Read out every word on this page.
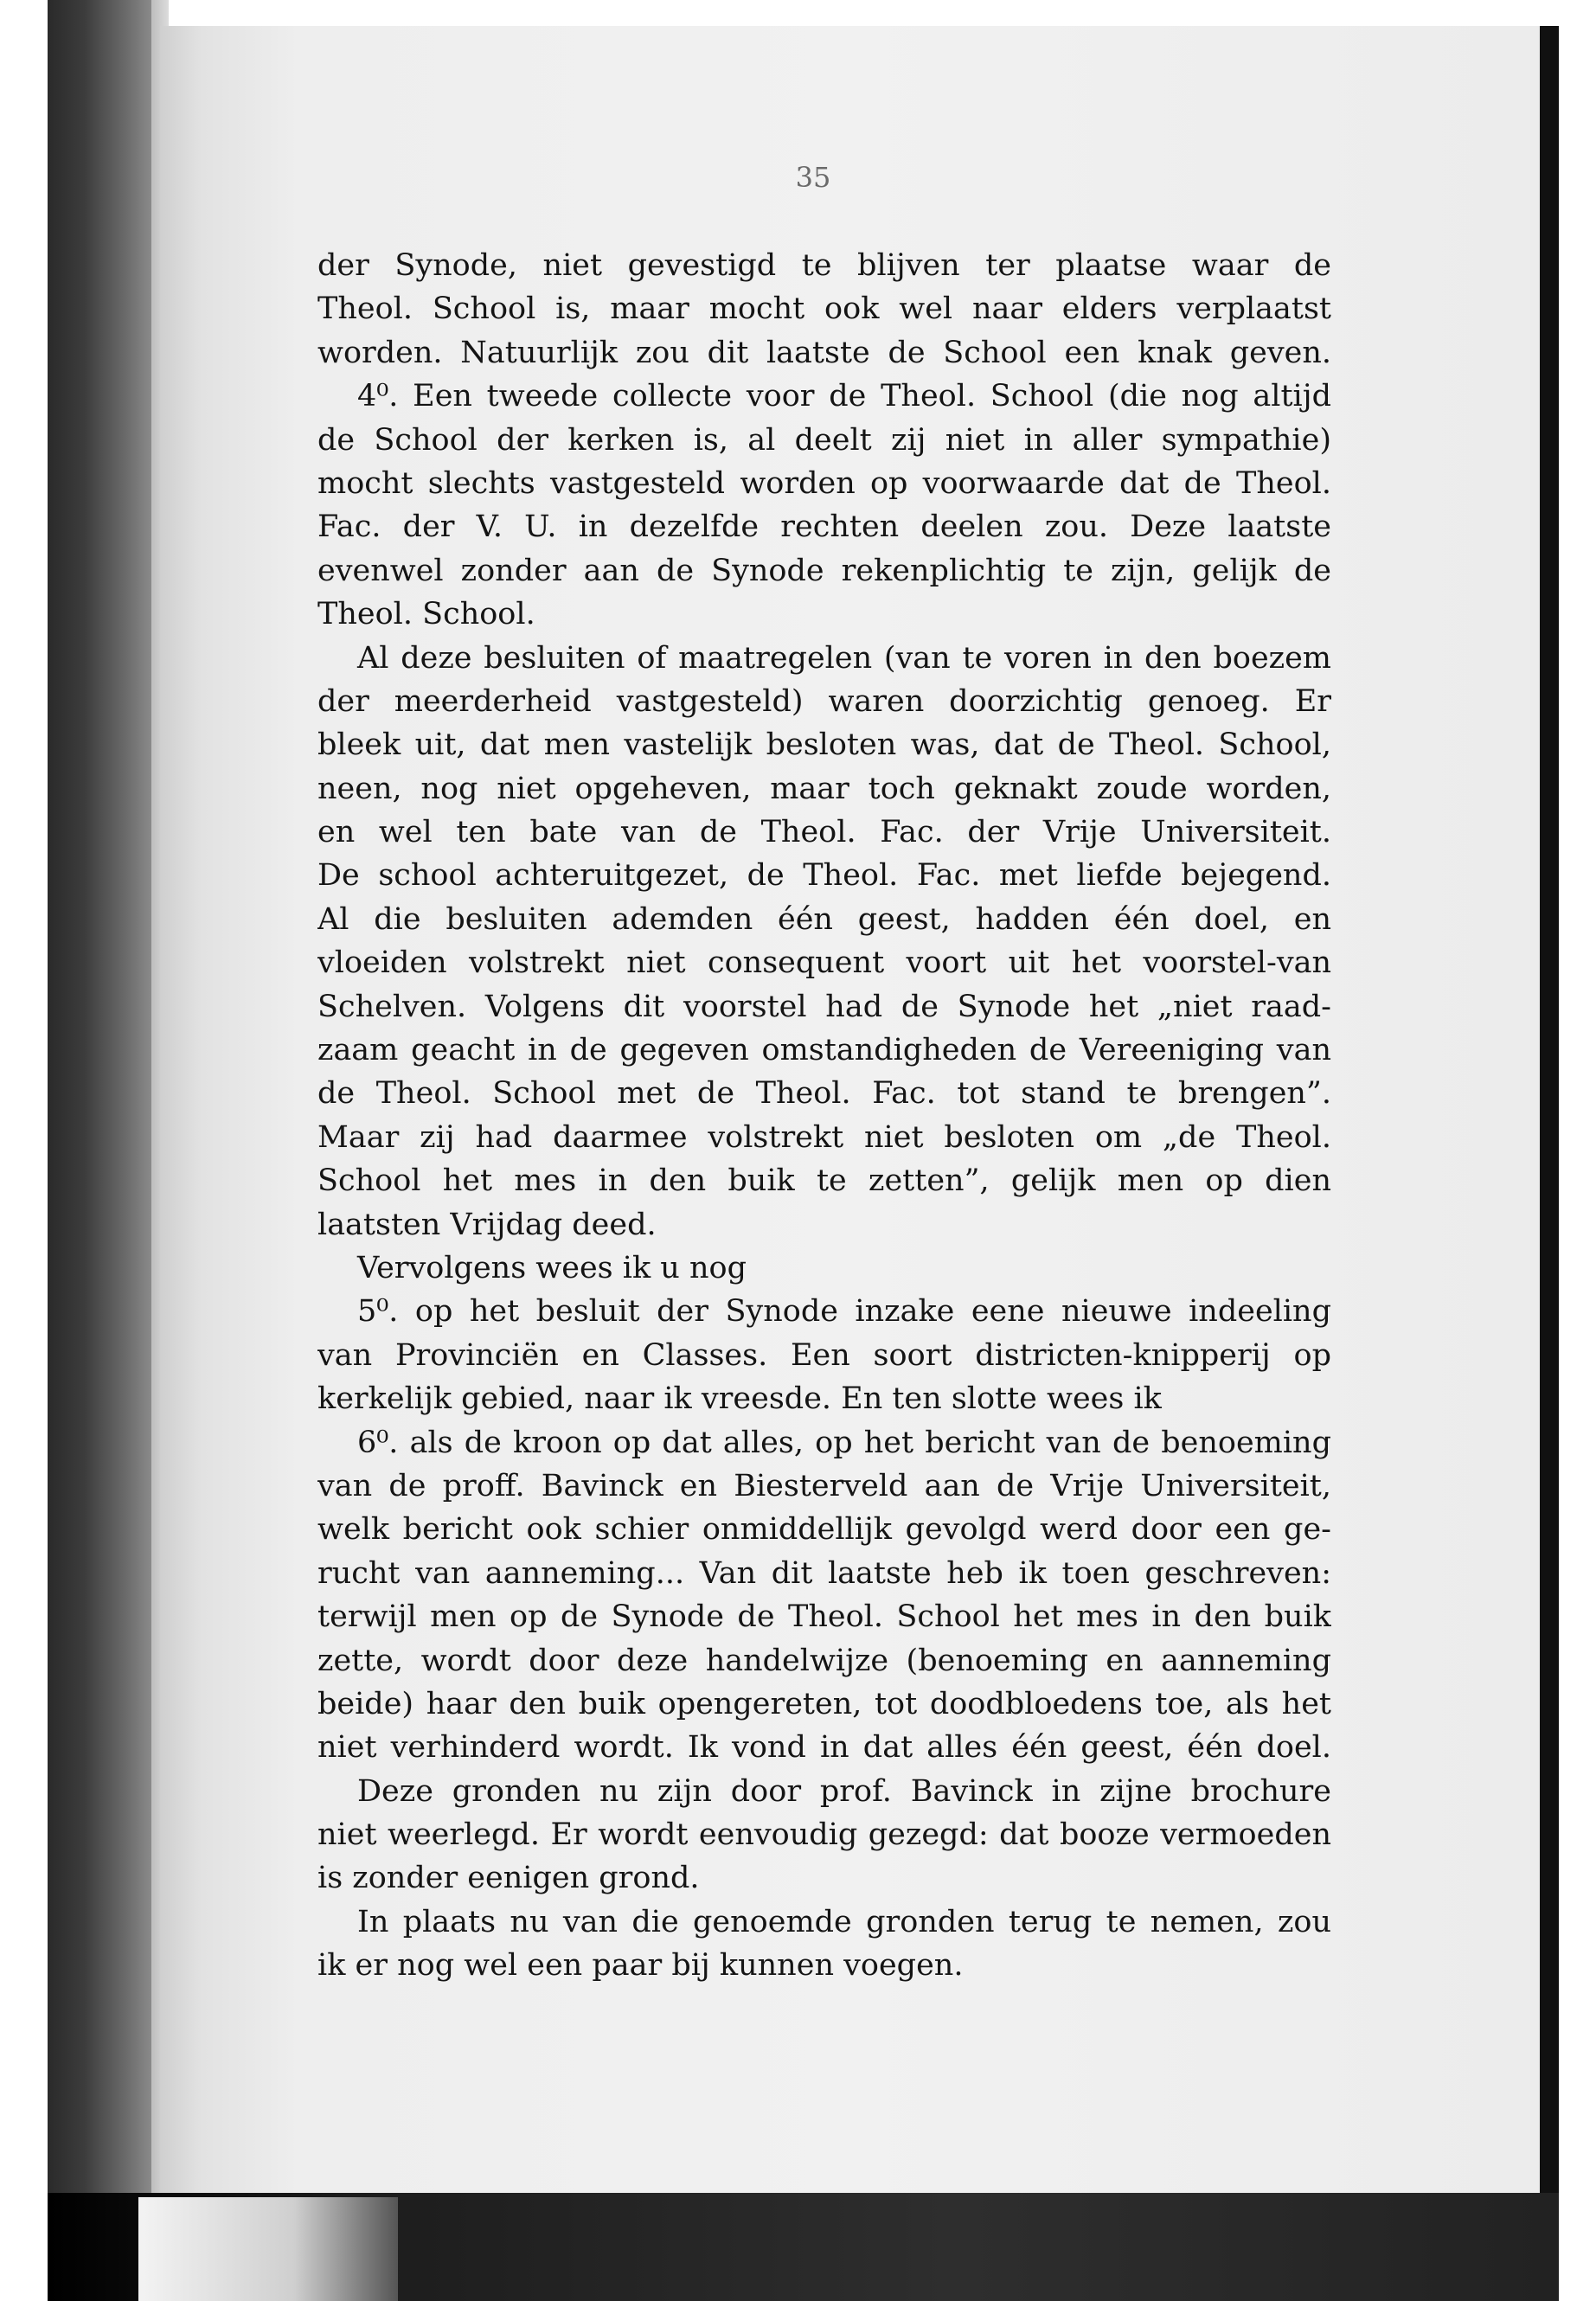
35
der Synode, niet gevestigd te blijven ter plaatse waar de
Theol. School is, maar mocht ook wel naar elders verplaatst
worden. Natuurlijk zou dit laatste de School een knak geven.
4⁰. Een tweede collecte voor de Theol. School (die nog altijd
de School der kerken is, al deelt zij niet in aller sympathie)
mocht slechts vastgesteld worden op voorwaarde dat de Theol.
Fac. der V. U. in dezelfde rechten deelen zou. Deze laatste
evenwel zonder aan de Synode rekenplichtig te zijn, gelijk de
Theol. School.
Al deze besluiten of maatregelen (van te voren in den boezem
der meerderheid vastgesteld) waren doorzichtig genoeg. Er
bleek uit, dat men vastelijk besloten was, dat de Theol. School,
neen, nog niet opgeheven, maar toch geknakt zoude worden,
en wel ten bate van de Theol. Fac. der Vrije Universiteit.
De school achteruitgezet, de Theol. Fac. met liefde bejegend.
Al die besluiten ademden één geest, hadden één doel, en
vloeiden volstrekt niet consequent voort uit het voorstel-van
Schelven. Volgens dit voorstel had de Synode het „niet raad-
zaam geacht in de gegeven omstandigheden de Vereeniging van
de Theol. School met de Theol. Fac. tot stand te brengen”.
Maar zij had daarmee volstrekt niet besloten om „de Theol.
School het mes in den buik te zetten”, gelijk men op dien
laatsten Vrijdag deed.
Vervolgens wees ik u nog
5⁰. op het besluit der Synode inzake eene nieuwe indeeling
van Provinciën en Classes. Een soort districten-knipperij op
kerkelijk gebied, naar ik vreesde. En ten slotte wees ik
6⁰. als de kroon op dat alles, op het bericht van de benoeming
van de proff. Bavinck en Biesterveld aan de Vrije Universiteit,
welk bericht ook schier onmiddellijk gevolgd werd door een ge-
rucht van aanneming... Van dit laatste heb ik toen geschreven:
terwijl men op de Synode de Theol. School het mes in den buik
zette, wordt door deze handelwijze (benoeming en aanneming
beide) haar den buik opengereten, tot doodbloedens toe, als het
niet verhinderd wordt. Ik vond in dat alles één geest, één doel.
Deze gronden nu zijn door prof. Bavinck in zijne brochure
niet weerlegd. Er wordt eenvoudig gezegd: dat booze vermoeden
is zonder eenigen grond.
In plaats nu van die genoemde gronden terug te nemen, zou
ik er nog wel een paar bij kunnen voegen.
